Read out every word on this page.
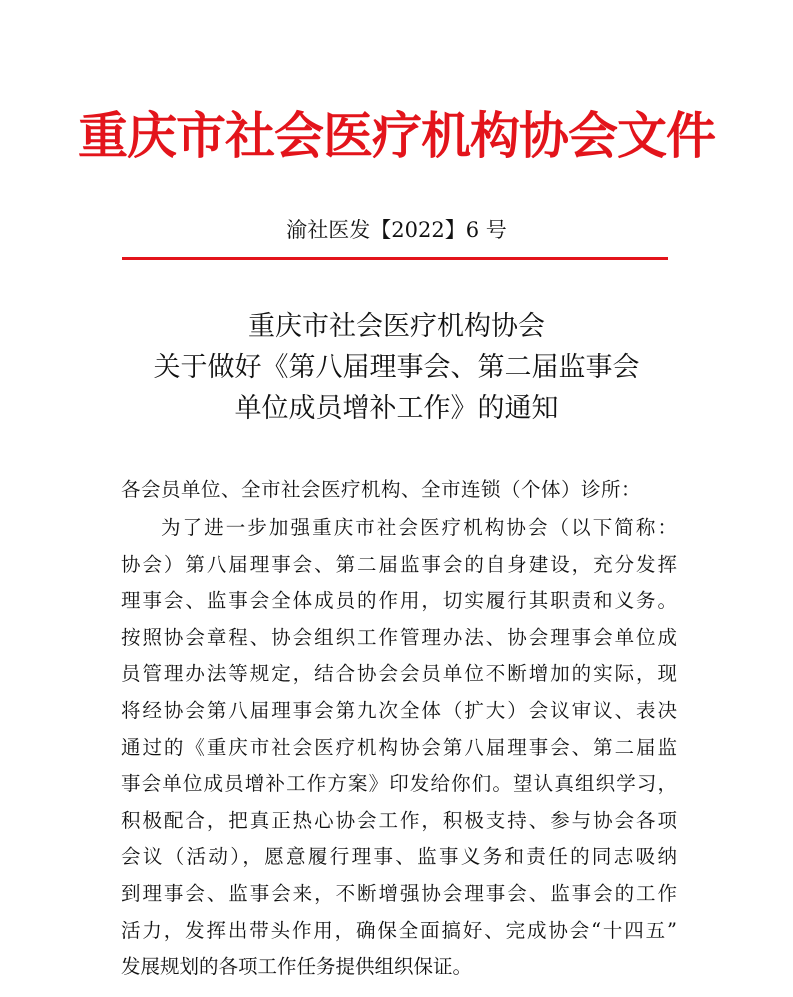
重庆市社会医疗机构协会文件
渝社医发【2022】6 号
重庆市社会医疗机构协会
关于做好《第八届理事会、第二届监事会
单位成员增补工作》的通知
各会员单位、全市社会医疗机构、全市连锁（个体）诊所：
为了进一步加强重庆市社会医疗机构协会（以下简称：
协会）第八届理事会、第二届监事会的自身建设，充分发挥
理事会、监事会全体成员的作用，切实履行其职责和义务。
按照协会章程、协会组织工作管理办法、协会理事会单位成
员管理办法等规定，结合协会会员单位不断增加的实际，现
将经协会第八届理事会第九次全体（扩大）会议审议、表决
通过的《重庆市社会医疗机构协会第八届理事会、第二届监
事会单位成员增补工作方案》印发给你们。望认真组织学习，
积极配合，把真正热心协会工作，积极支持、参与协会各项
会议（活动），愿意履行理事、监事义务和责任的同志吸纳
到理事会、监事会来，不断增强协会理事会、监事会的工作
活力，发挥出带头作用，确保全面搞好、完成协会“十四五”
发展规划的各项工作任务提供组织保证。
